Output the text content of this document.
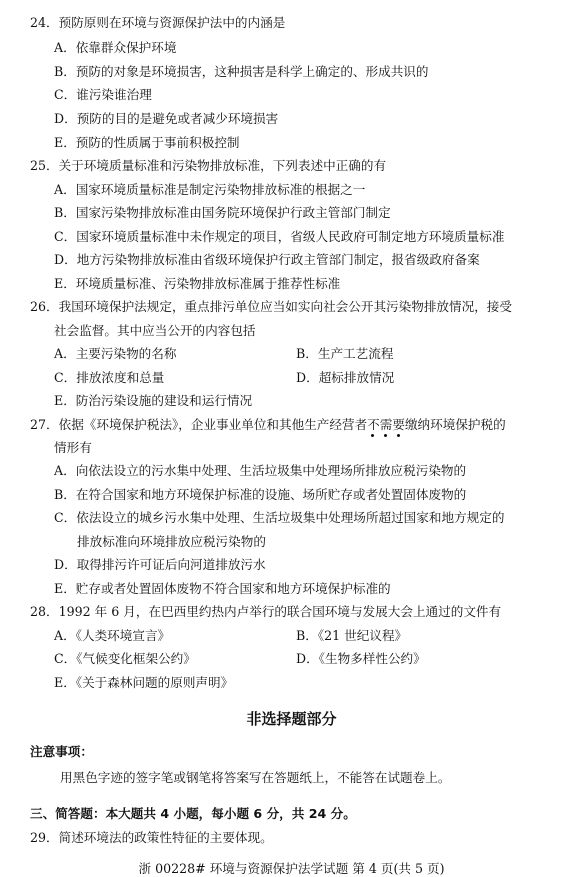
24．预防原则在环境与资源保护法中的内涵是
A．依靠群众保护环境
B．预防的对象是环境损害，这种损害是科学上确定的、形成共识的
C．谁污染谁治理
D．预防的目的是避免或者减少环境损害
E．预防的性质属于事前积极控制
25．关于环境质量标准和污染物排放标准，下列表述中正确的有
A．国家环境质量标准是制定污染物排放标准的根据之一
B．国家污染物排放标准由国务院环境保护行政主管部门制定
C．国家环境质量标准中未作规定的项目，省级人民政府可制定地方环境质量标准
D．地方污染物排放标准由省级环境保护行政主管部门制定，报省级政府备案
E．环境质量标准、污染物排放标准属于推荐性标准
26．我国环境保护法规定，重点排污单位应当如实向社会公开其污染物排放情况，接受
社会监督。其中应当公开的内容包括
A．主要污染物的名称	B．生产工艺流程
C．排放浓度和总量	D．超标排放情况
E．防治污染设施的建设和运行情况
27．依据《环境保护税法》，企业事业单位和其他生产经营者不需要
缴纳环境保护税的
情形有
A．向依法设立的污水集中处理、生活垃圾集中处理场所排放应税污染物的
B．在符合国家和地方环境保护标准的设施、场所贮存或者处置固体废物的
C．依法设立的城乡污水集中处理、生活垃圾集中处理场所超过国家和地方规定的
排放标准向环境排放应税污染物的
D．取得排污许可证后向河道排放污水
E．贮存或者处置固体废物不符合国家和地方环境保护标准的
28．1992 年 6 月，在巴西里约热内卢举行的联合国环境与发展大会上通过的文件有
A．《人类环境宣言》	B．《21 世纪议程》
C．《气候变化框架公约》	D．《生物多样性公约》
E．《关于森林问题的原则声明》
非选择题部分
注意事项：
用黑色字迹的签字笔或钢笔将答案写在答题纸上，不能答在试题卷上。
三、简答题：本大题共 4 小题，每小题 6 分，共 24 分。
29．简述环境法的政策性特征的主要体现。
浙 00228# 环境与资源保护法学试题 第 4 页(共 5 页)
